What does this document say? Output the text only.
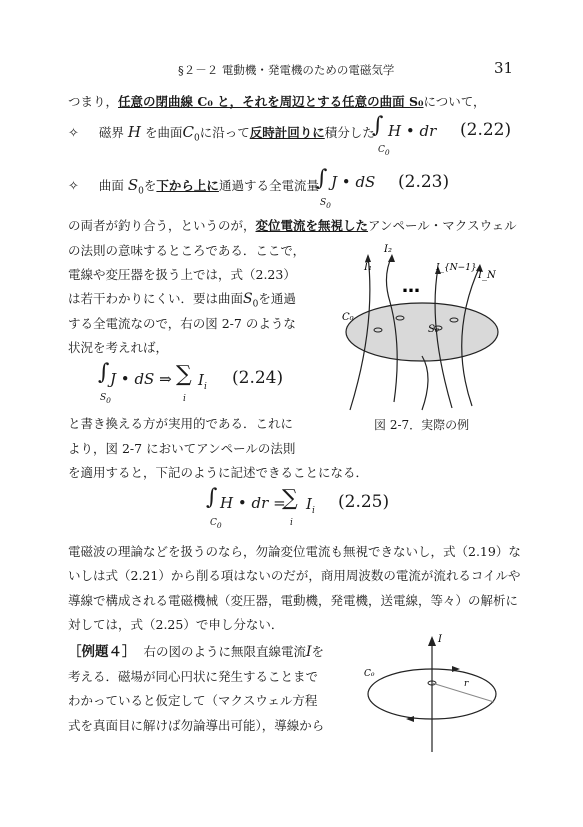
§２－２ 電動機・発電機のための電磁気学	31
つまり，任意の閉曲線 C₀ と，それを周辺とする任意の曲面 S₀について，
✧ 磁界 H を曲面$C_0$に沿って反時計回りに積分した
∫
$C_0$
H • dr (2.22)
✧ 曲面 $S_0$を下から上に通過する全電流量
∫
$S_0$
J • dS (2.23)
の両者が釣り合う，というのが，変位電流を無視したアンペール・マクスウェル
の法則の意味するところである．ここで，
電線や変圧器を扱う上では，式（2.23）
は若干わかりにくい．要は曲面$S_0$を通過
する全電流なので，右の図 2-7 のような
状況を考えれば，
∫
$S_0$
J • dS ⇒ ∑
i
$I_i$ (2.24)
と書き換える方が実用的である．これに
より，図 2-7 においてアンペールの法則
を適用すると，下記のように記述できることになる．
I₁
I₂
I_{N−1}
I_N
…
C₀
S₀
図 2-7．実際の例
∫
$C_0$
H • dr =
∑
i
$I_i$ (2.25)
電磁波の理論などを扱うのなら，勿論変位電流も無視できないし，式（2.19）な
いしは式（2.21）から削る項はないのだが，商用周波数の電流が流れるコイルや
導線で構成される電磁機械（変圧器，電動機，発電機，送電線，等々）の解析に
対しては，式（2.25）で申し分ない．
［例題４］ 右の図のように無限直線電流Iを
考える．磁場が同心円状に発生することまで
わかっていると仮定して（マクスウェル方程
式を真面目に解けば勿論導出可能），導線から
I
C₀
r
